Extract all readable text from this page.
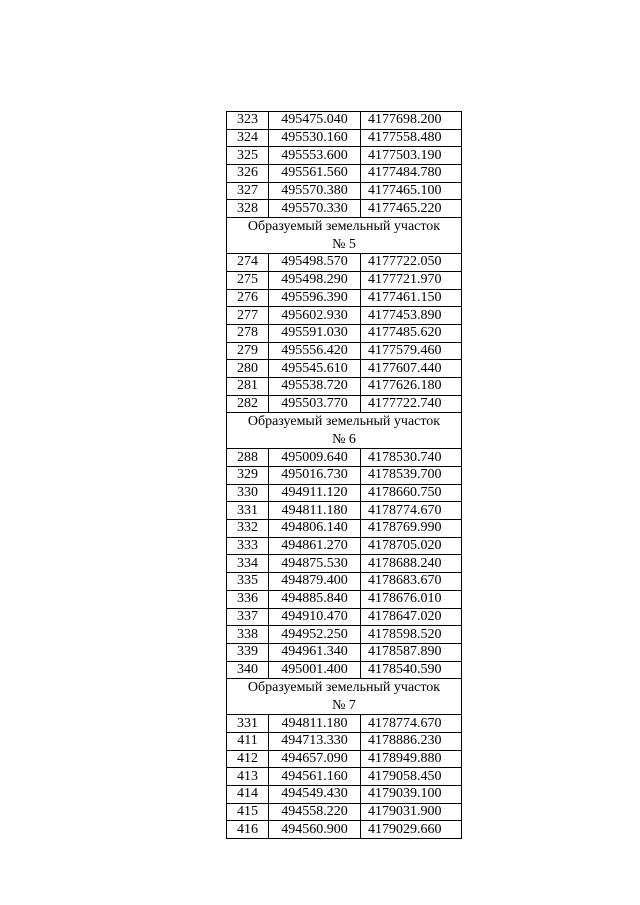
323	495475.040	4177698.200
324	495530.160	4177558.480
325	495553.600	4177503.190
326	495561.560	4177484.780
327	495570.380	4177465.100
328	495570.330	4177465.220

Образуемый земельный участок
№ 5		

274	495498.570	4177722.050
275	495498.290	4177721.970
276	495596.390	4177461.150
277	495602.930	4177453.890
278	495591.030	4177485.620
279	495556.420	4177579.460
280	495545.610	4177607.440
281	495538.720	4177626.180
282	495503.770	4177722.740

Образуемый земельный участок
№ 6		

288	495009.640	4178530.740
329	495016.730	4178539.700
330	494911.120	4178660.750
331	494811.180	4178774.670
332	494806.140	4178769.990
333	494861.270	4178705.020
334	494875.530	4178688.240
335	494879.400	4178683.670
336	494885.840	4178676.010
337	494910.470	4178647.020
338	494952.250	4178598.520
339	494961.340	4178587.890
340	495001.400	4178540.590

Образуемый земельный участок
№ 7		

331	494811.180	4178774.670
411	494713.330	4178886.230
412	494657.090	4178949.880
413	494561.160	4179058.450
414	494549.430	4179039.100
415	494558.220	4179031.900
416	494560.900	4179029.660
